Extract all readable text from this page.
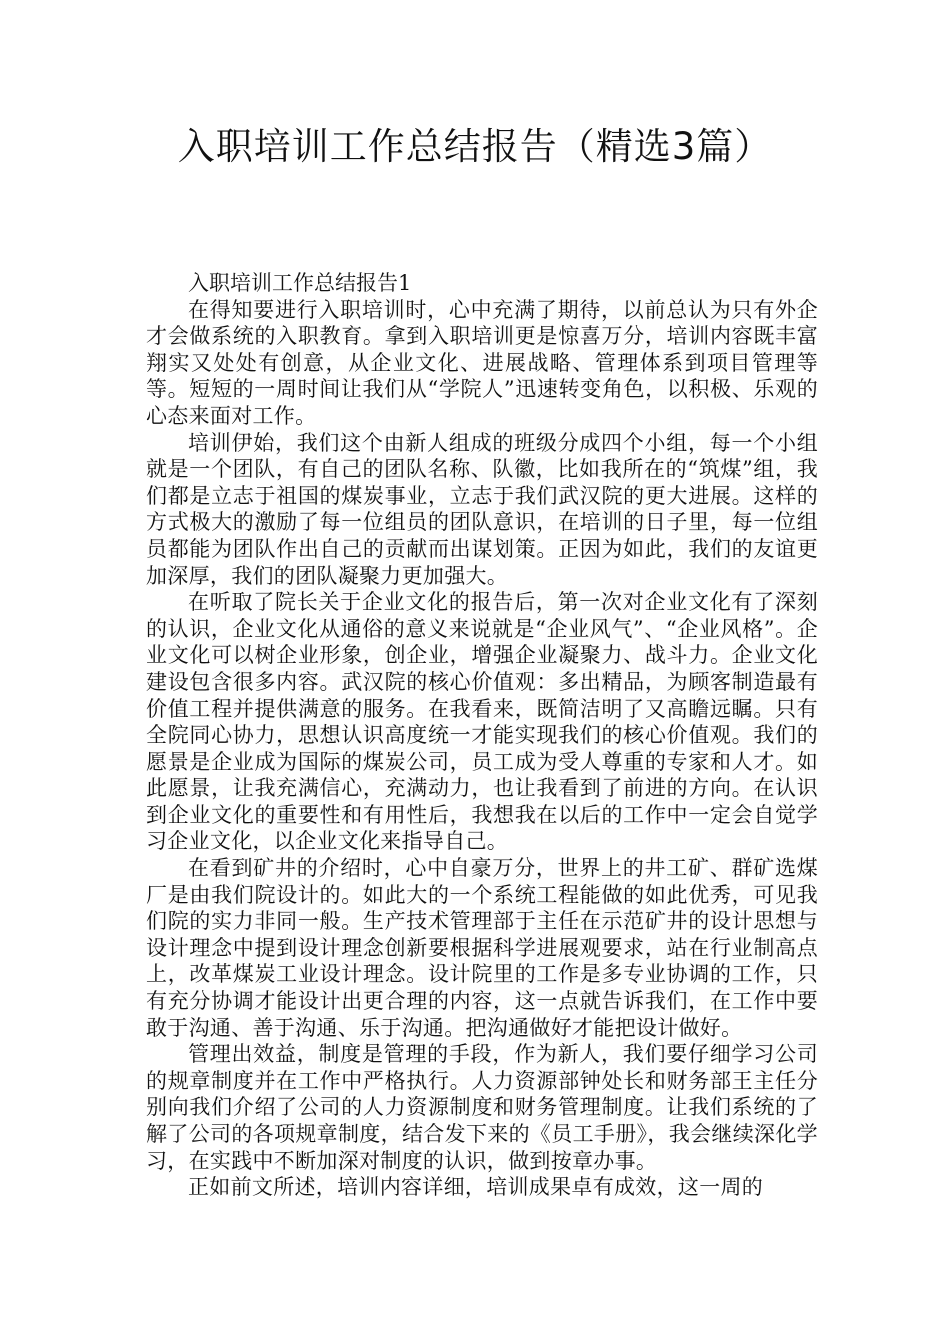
入职培训工作总结报告（精选3篇）

入职培训工作总结报告1

在得知要进行入职培训时，心中充满了期待，以前总认为只有外企才会做系统的入职教育。拿到入职培训更是惊喜万分，培训内容既丰富翔实又处处有创意，从企业文化、进展战略、管理体系到项目管理等等。短短的一周时间让我们从“学院人”迅速转变角色，以积极、乐观的心态来面对工作。

培训伊始，我们这个由新人组成的班级分成四个小组，每一个小组就是一个团队，有自己的团队名称、队徽，比如我所在的“筑煤”组，我们都是立志于祖国的煤炭事业，立志于我们武汉院的更大进展。这样的方式极大的激励了每一位组员的团队意识，在培训的日子里，每一位组员都能为团队作出自己的贡献而出谋划策。正因为如此，我们的友谊更加深厚，我们的团队凝聚力更加强大。

在听取了院长关于企业文化的报告后，第一次对企业文化有了深刻的认识，企业文化从通俗的意义来说就是“企业风气”、“企业风格”。企业文化可以树企业形象，创企业，增强企业凝聚力、战斗力。企业文化建设包含很多内容。武汉院的核心价值观：多出精品，为顾客制造最有价值工程并提供满意的服务。在我看来，既简洁明了又高瞻远瞩。只有全院同心协力，思想认识高度统一才能实现我们的核心价值观。我们的愿景是企业成为国际的煤炭公司，员工成为受人尊重的专家和人才。如此愿景，让我充满信心，充满动力，也让我看到了前进的方向。在认识到企业文化的重要性和有用性后，我想我在以后的工作中一定会自觉学习企业文化，以企业文化来指导自己。

在看到矿井的介绍时，心中自豪万分，世界上的井工矿、群矿选煤厂是由我们院设计的。如此大的一个系统工程能做的如此优秀，可见我们院的实力非同一般。生产技术管理部于主任在示范矿井的设计思想与设计理念中提到设计理念创新要根据科学进展观要求，站在行业制高点上，改革煤炭工业设计理念。设计院里的工作是多专业协调的工作，只有充分协调才能设计出更合理的内容，这一点就告诉我们，在工作中要敢于沟通、善于沟通、乐于沟通。把沟通做好才能把设计做好。

管理出效益，制度是管理的手段，作为新人，我们要仔细学习公司的规章制度并在工作中严格执行。人力资源部钟处长和财务部王主任分别向我们介绍了公司的人力资源制度和财务管理制度。让我们系统的了解了公司的各项规章制度，结合发下来的《员工手册》，我会继续深化学习，在实践中不断加深对制度的认识，做到按章办事。

正如前文所述，培训内容详细，培训成果卓有成效，这一周的
